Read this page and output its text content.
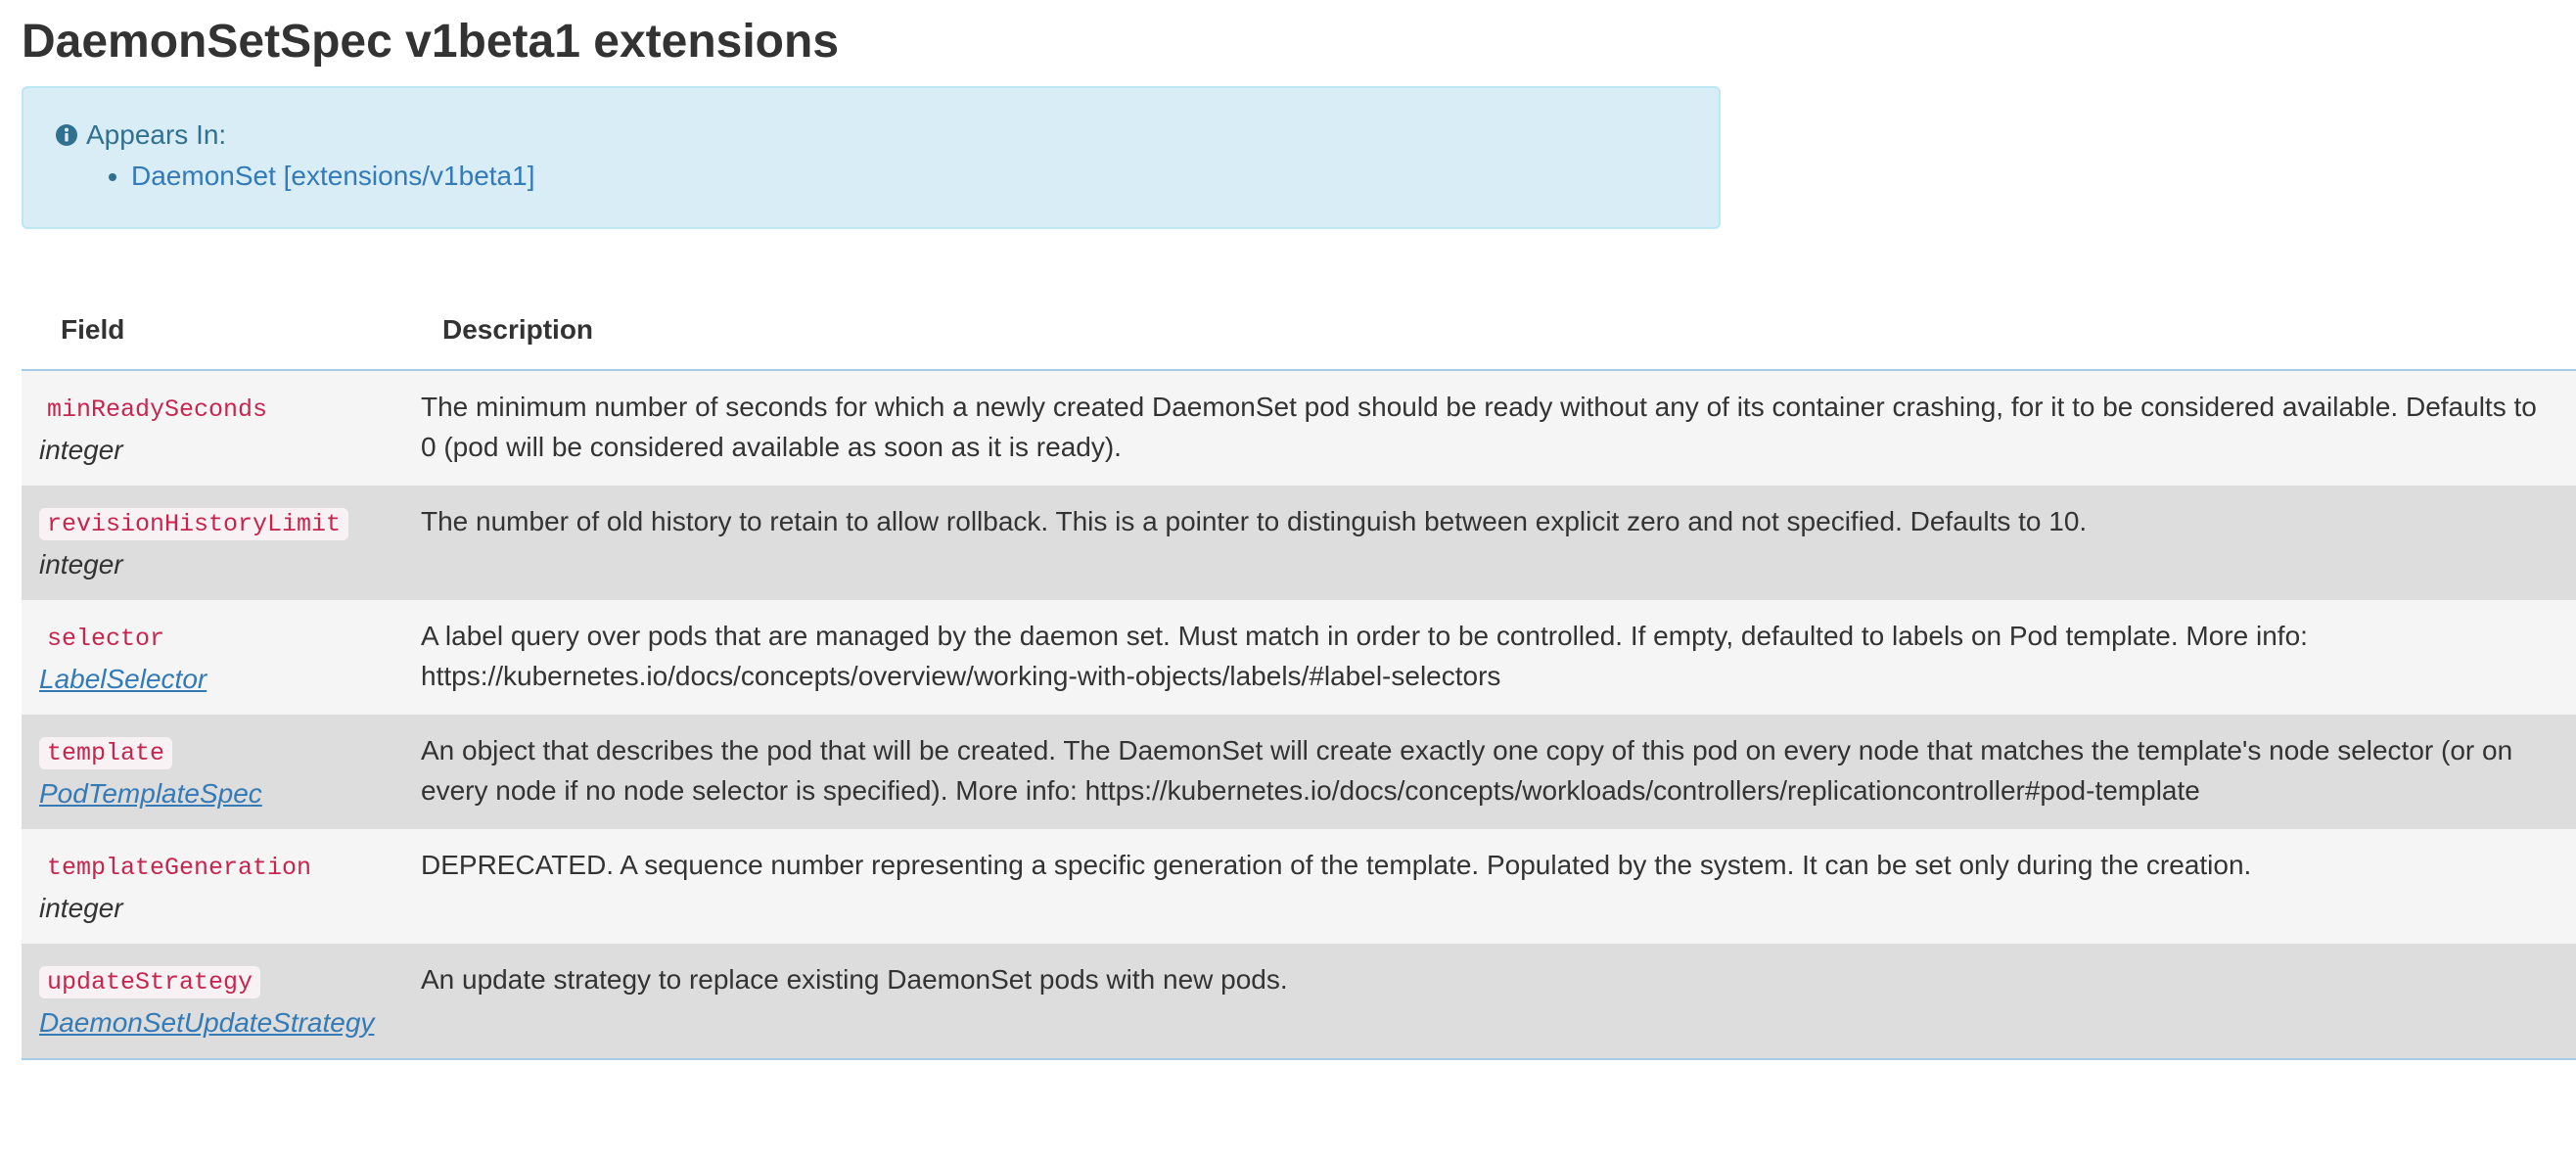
DaemonSetSpec v1beta1 extensions
Appears In:
• DaemonSet [extensions/v1beta1]
Field	Description
minReadySeconds
integer	The minimum number of seconds for which a newly created DaemonSet pod should be ready without any of its container crashing, for it to be considered available. Defaults to 0 (pod will be considered available as soon as it is ready).
revisionHistoryLimit
integer	The number of old history to retain to allow rollback. This is a pointer to distinguish between explicit zero and not specified. Defaults to 10.
selector
LabelSelector	A label query over pods that are managed by the daemon set. Must match in order to be controlled. If empty, defaulted to labels on Pod template. More info: https://kubernetes.io/docs/concepts/overview/working-with-objects/labels/#label-selectors
template
PodTemplateSpec	An object that describes the pod that will be created. The DaemonSet will create exactly one copy of this pod on every node that matches the template's node selector (or on every node if no node selector is specified). More info: https://kubernetes.io/docs/concepts/workloads/controllers/replicationcontroller#pod-template
templateGeneration
integer	DEPRECATED. A sequence number representing a specific generation of the template. Populated by the system. It can be set only during the creation.
updateStrategy
DaemonSetUpdateStrategy	An update strategy to replace existing DaemonSet pods with new pods.
